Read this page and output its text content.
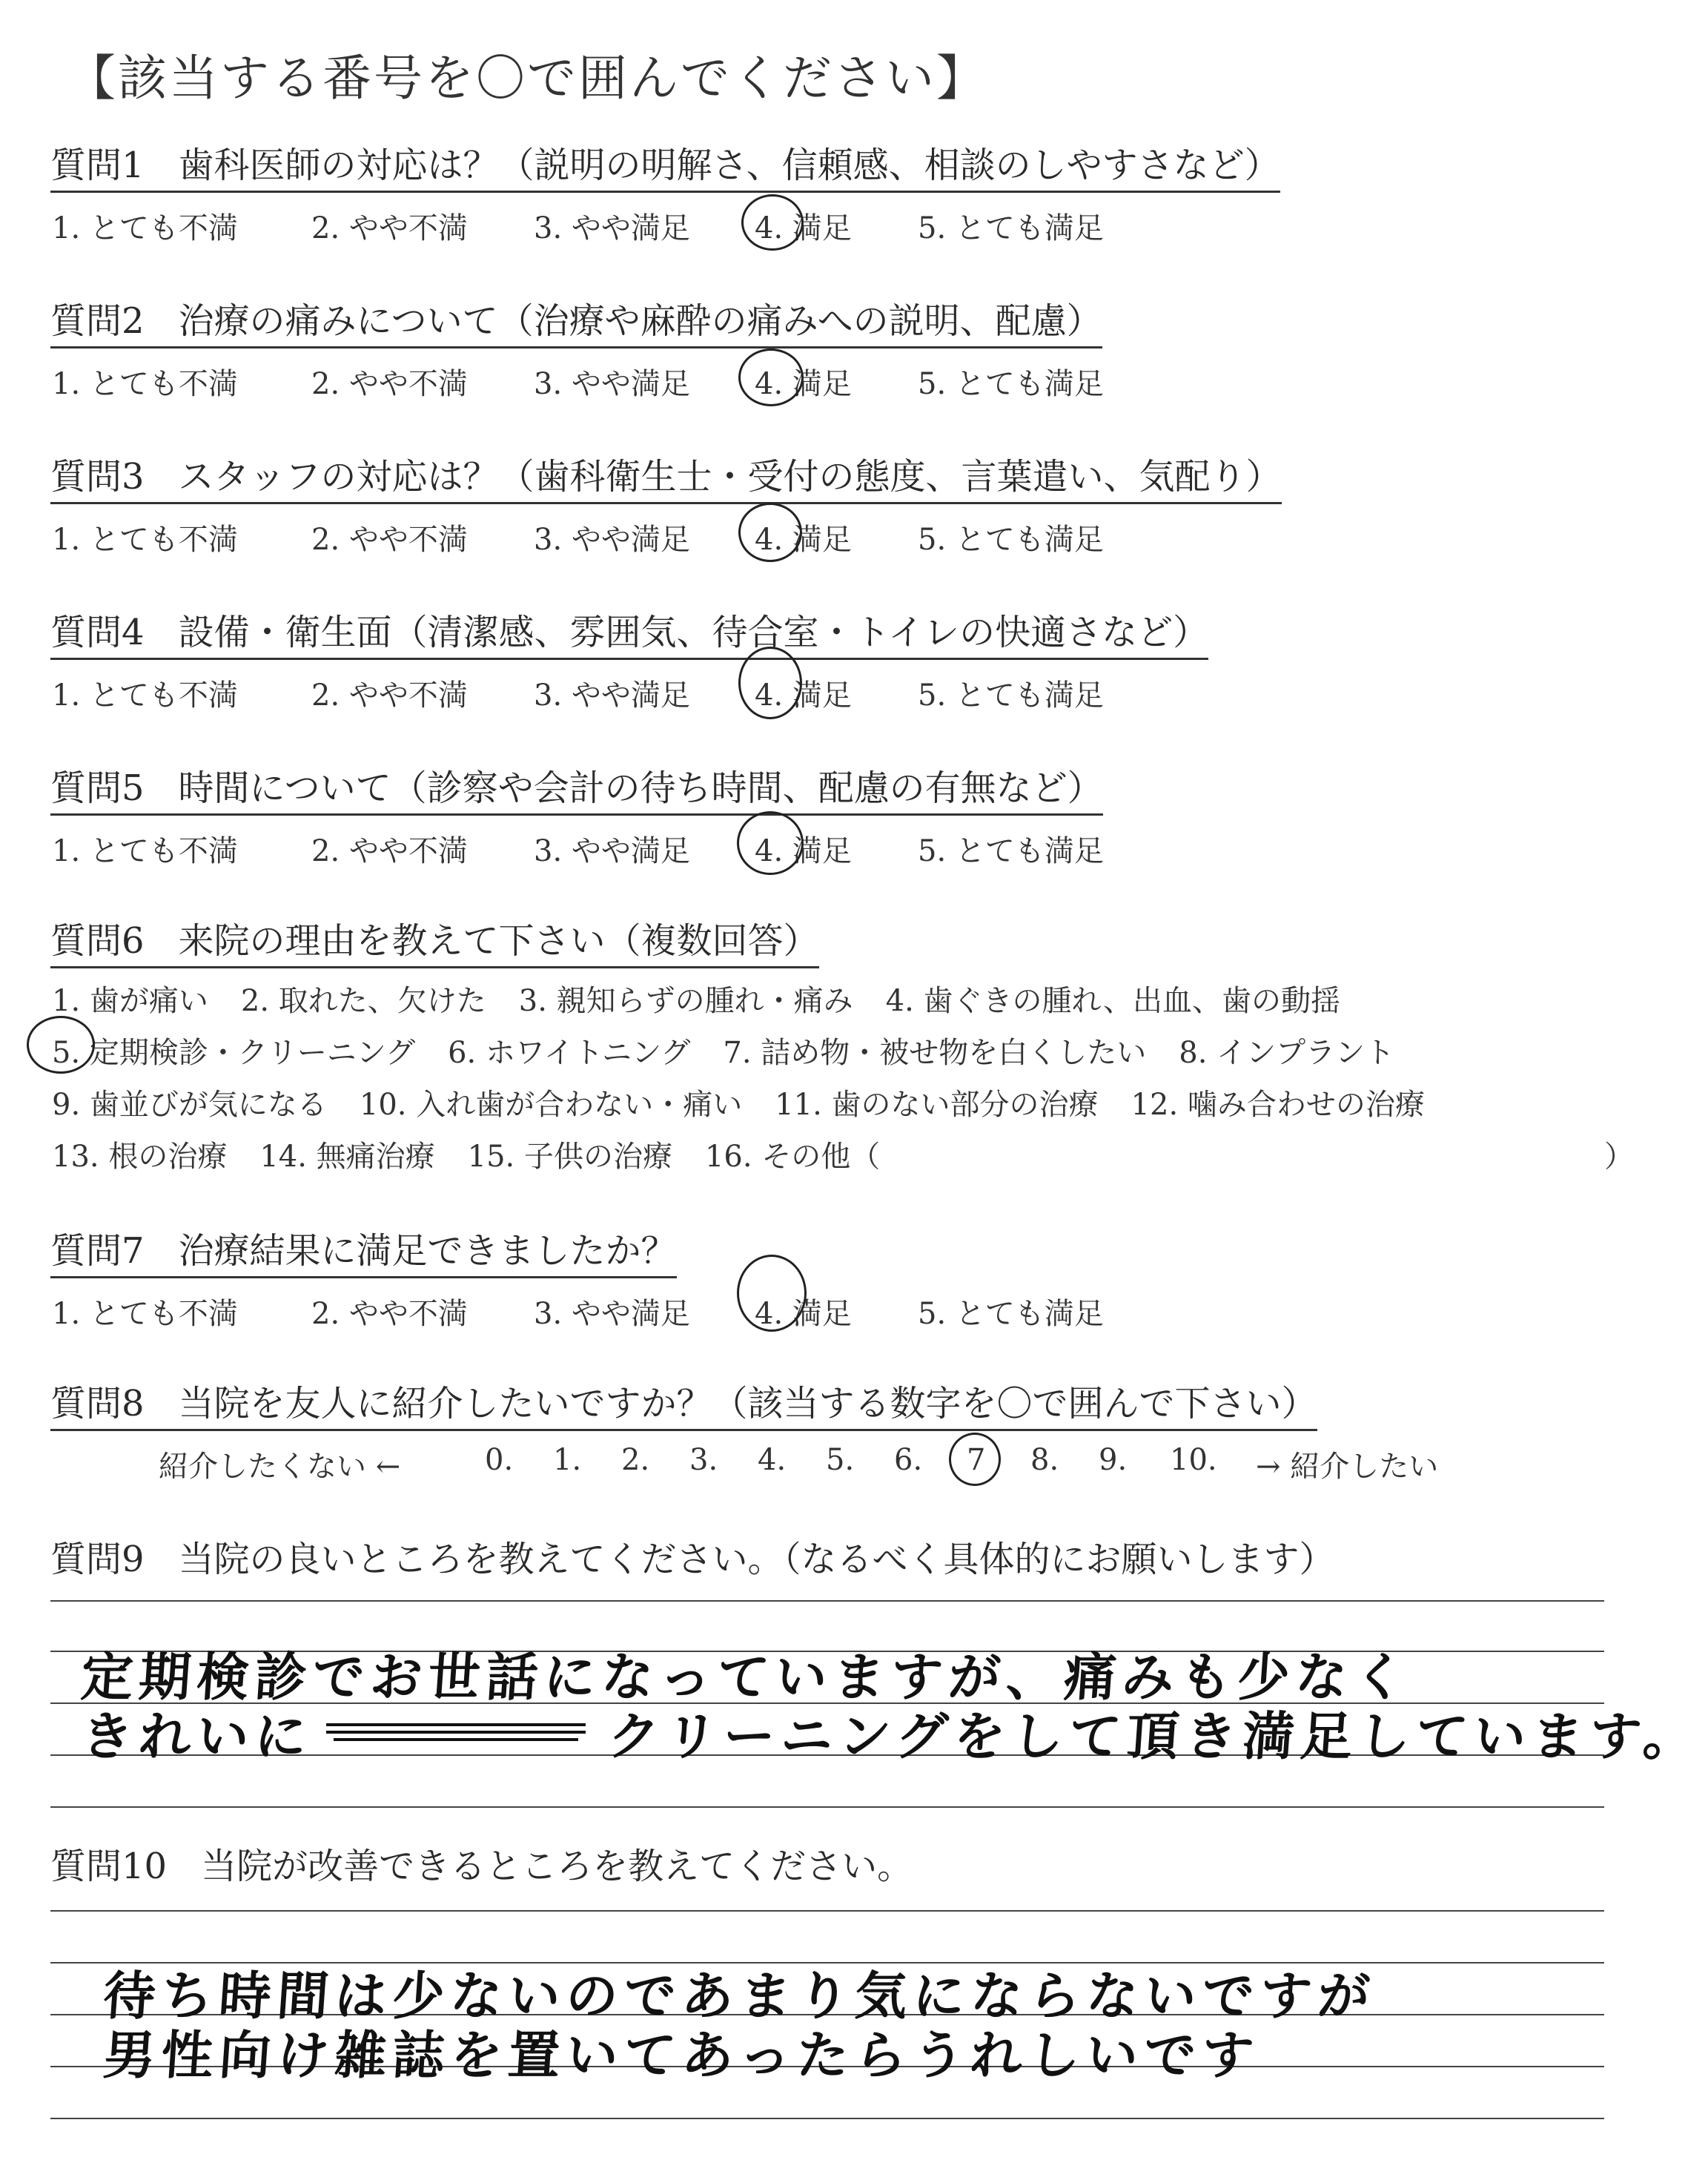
【該当する番号を〇で囲んでください】
質問1 歯科医師の対応は？（説明の明解さ、信頼感、相談のしやすさなど）
1. とても不満 2. やや不満 3. やや満足 4. 満足 5. とても満足
質問2 治療の痛みについて（治療や麻酔の痛みへの説明、配慮）
1. とても不満 2. やや不満 3. やや満足 4. 満足 5. とても満足
質問3 スタッフの対応は？（歯科衛生士・受付の態度、言葉遣い、気配り）
1. とても不満 2. やや不満 3. やや満足 4. 満足 5. とても満足
質問4 設備・衛生面（清潔感、雰囲気、待合室・トイレの快適さなど）
1. とても不満 2. やや不満 3. やや満足 4. 満足 5. とても満足
質問5 時間について（診察や会計の待ち時間、配慮の有無など）
1. とても不満 2. やや不満 3. やや満足 4. 満足 5. とても満足
質問6 来院の理由を教えて下さい（複数回答）
1. 歯が痛い 2. 取れた、欠けた 3. 親知らずの腫れ・痛み 4. 歯ぐきの腫れ、出血、歯の動揺
5. 定期検診・クリーニング 6. ホワイトニング 7. 詰め物・被せ物を白くしたい 8. インプラント
9. 歯並びが気になる 10. 入れ歯が合わない・痛い 11. 歯のない部分の治療 12. 噛み合わせの治療
13. 根の治療 14. 無痛治療 15. 子供の治療 16. その他（	）
質問7 治療結果に満足できましたか？
1. とても不満 2. やや不満 3. やや満足 4. 満足 5. とても満足
質問8 当院を友人に紹介したいですか？（該当する数字を〇で囲んで下さい）
紹介したくない ←	0. 1. 2. 3. 4. 5. 6. 7 8. 9. 10. → 紹介したい
質問9 当院の良いところを教えてください。（なるべく具体的にお願いします）
定期検診でお世話になっていますが、痛みも少なく
きれいに	クリーニングをして頂き満足しています。
質問10 当院が改善できるところを教えてください。
待ち時間は少ないのであまり気にならないですが
男性向け雑誌を置いてあったらうれしいです
